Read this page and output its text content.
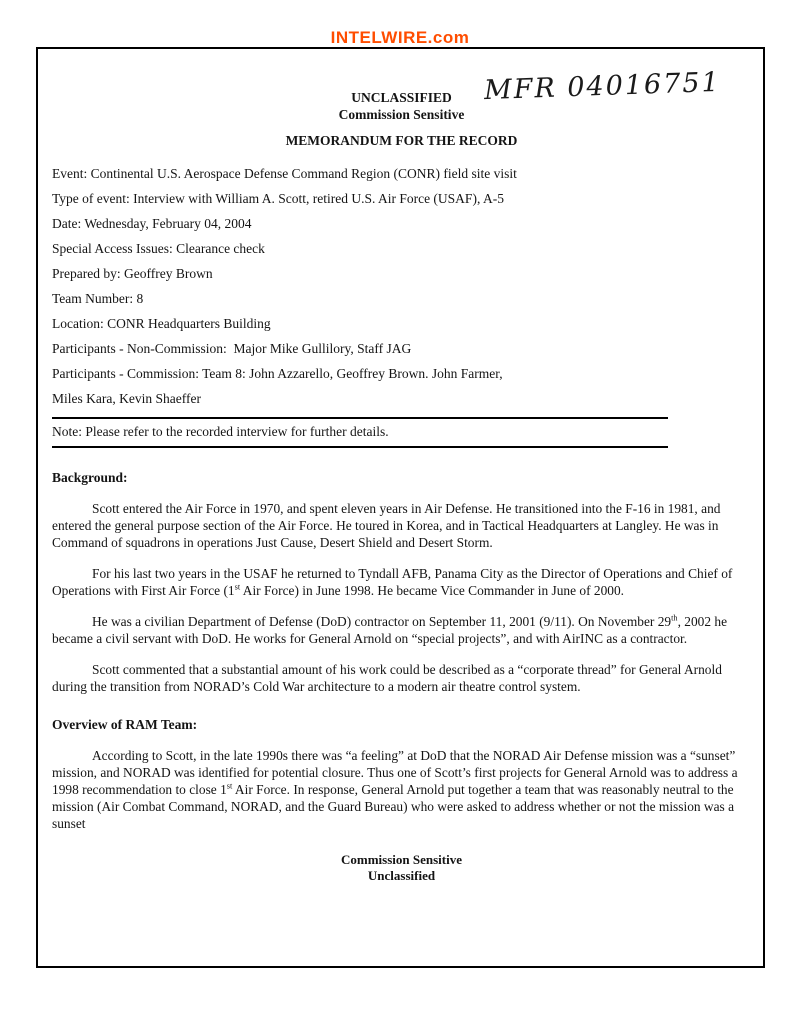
INTELWIRE.com
MFR 04016751
UNCLASSIFIED
Commission Sensitive
MEMORANDUM FOR THE RECORD
Event: Continental U.S. Aerospace Defense Command Region (CONR) field site visit
Type of event: Interview with William A. Scott, retired U.S. Air Force (USAF), A-5
Date: Wednesday, February 04, 2004
Special Access Issues: Clearance check
Prepared by: Geoffrey Brown
Team Number: 8
Location: CONR Headquarters Building
Participants - Non-Commission:  Major Mike Gullilory, Staff JAG
Participants - Commission: Team 8: John Azzarello, Geoffrey Brown. John Farmer,
Miles Kara, Kevin Shaeffer
Note: Please refer to the recorded interview for further details.
Background:

Scott entered the Air Force in 1970, and spent eleven years in Air Defense. He transitioned into the F-16 in 1981, and entered the general purpose section of the Air Force. He toured in Korea, and in Tactical Headquarters at Langley. He was in Command of squadrons in operations Just Cause, Desert Shield and Desert Storm.

For his last two years in the USAF he returned to Tyndall AFB, Panama City as the Director of Operations and Chief of Operations with First Air Force (1st Air Force) in June 1998. He became Vice Commander in June of 2000.

He was a civilian Department of Defense (DoD) contractor on September 11, 2001 (9/11). On November 29th, 2002 he became a civil servant with DoD. He works for General Arnold on “special projects”, and with AirINC as a contractor.

Scott commented that a substantial amount of his work could be described as a “corporate thread” for General Arnold during the transition from NORAD’s Cold War architecture to a modern air theatre control system.

Overview of RAM Team:

According to Scott, in the late 1990s there was “a feeling” at DoD that the NORAD Air Defense mission was a “sunset” mission, and NORAD was identified for potential closure. Thus one of Scott’s first projects for General Arnold was to address a 1998 recommendation to close 1st Air Force. In response, General Arnold put together a team that was reasonably neutral to the mission (Air Combat Command, NORAD, and the Guard Bureau) who were asked to address whether or not the mission was a sunset

Commission Sensitive
Unclassified
